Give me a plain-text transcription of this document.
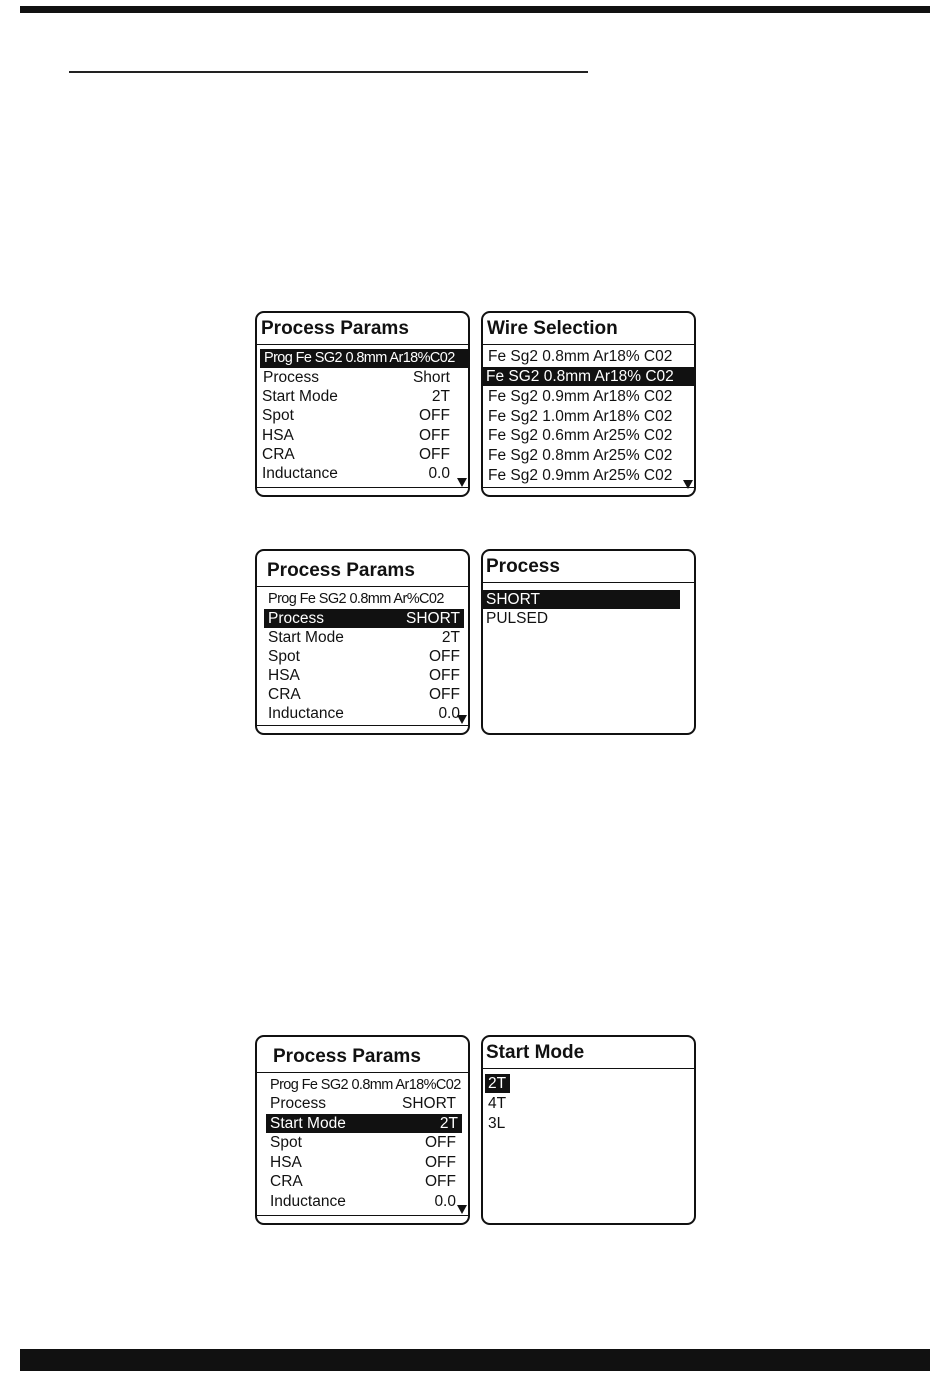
Process Params
Prog Fe SG2 0.8mm Ar18%C02
Process	Short
Start Mode	2T
Spot	OFF
HSA	OFF
CRA	OFF
Inductance	0.0
Wire Selection
Fe Sg2 0.8mm Ar18% C02
Fe SG2 0.8mm Ar18% C02
Fe Sg2 0.9mm Ar18% C02
Fe Sg2 1.0mm Ar18% C02
Fe Sg2 0.6mm Ar25% C02
Fe Sg2 0.8mm Ar25% C02
Fe Sg2 0.9mm Ar25% C02
Process Params
Prog Fe SG2 0.8mm Ar%C02
Process	SHORT
Start Mode	2T
Spot	OFF
HSA	OFF
CRA	OFF
Inductance	0.0
Process
SHORT
PULSED
Process Params
Prog Fe SG2 0.8mm Ar18%C02
Process	SHORT
Start Mode	2T
Spot	OFF
HSA	OFF
CRA	OFF
Inductance	0.0
Start Mode
2T
4T
3L
